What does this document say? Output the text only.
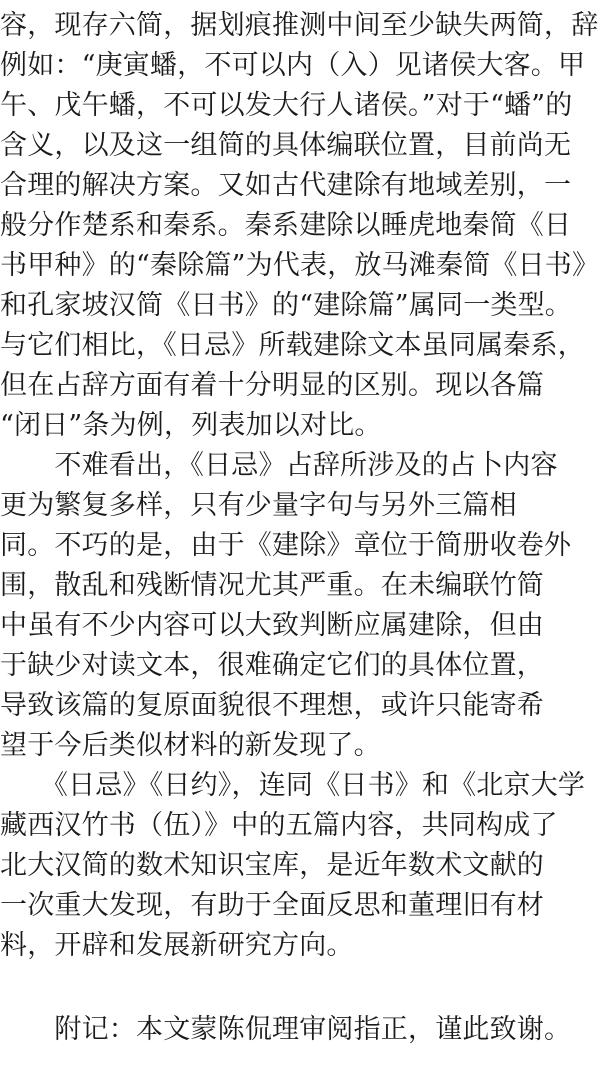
容，现存六简，据划痕推测中间至少缺失两简，辞
例如：“庚寅蟠，不可以内（入）见诸侯大客。甲
午、戊午蟠，不可以发大行人诸侯。”对于“蟠”的
含义，以及这一组简的具体编联位置，目前尚无
合理的解决方案。又如古代建除有地域差别，一
般分作楚系和秦系。秦系建除以睡虎地秦简《日
书甲种》的“秦除篇”为代表，放马滩秦简《日书》
和孔家坡汉简《日书》的“建除篇”属同一类型。
与它们相比，《日忌》所载建除文本虽同属秦系，
但在占辞方面有着十分明显的区别。现以各篇
“闭日”条为例，列表加以对比。
　　不难看出，《日忌》占辞所涉及的占卜内容
更为繁复多样，只有少量字句与另外三篇相
同。不巧的是，由于《建除》章位于简册收卷外
围，散乱和残断情况尤其严重。在未编联竹简
中虽有不少内容可以大致判断应属建除，但由
于缺少对读文本，很难确定它们的具体位置，
导致该篇的复原面貌很不理想，或许只能寄希
望于今后类似材料的新发现了。
　　《日忌》《日约》，连同《日书》和《北京大学
藏西汉竹书（伍）》中的五篇内容，共同构成了
北大汉简的数术知识宝库，是近年数术文献的
一次重大发现，有助于全面反思和董理旧有材
料，开辟和发展新研究方向。
　　附记：本文蒙陈侃理审阅指正，谨此致谢。
